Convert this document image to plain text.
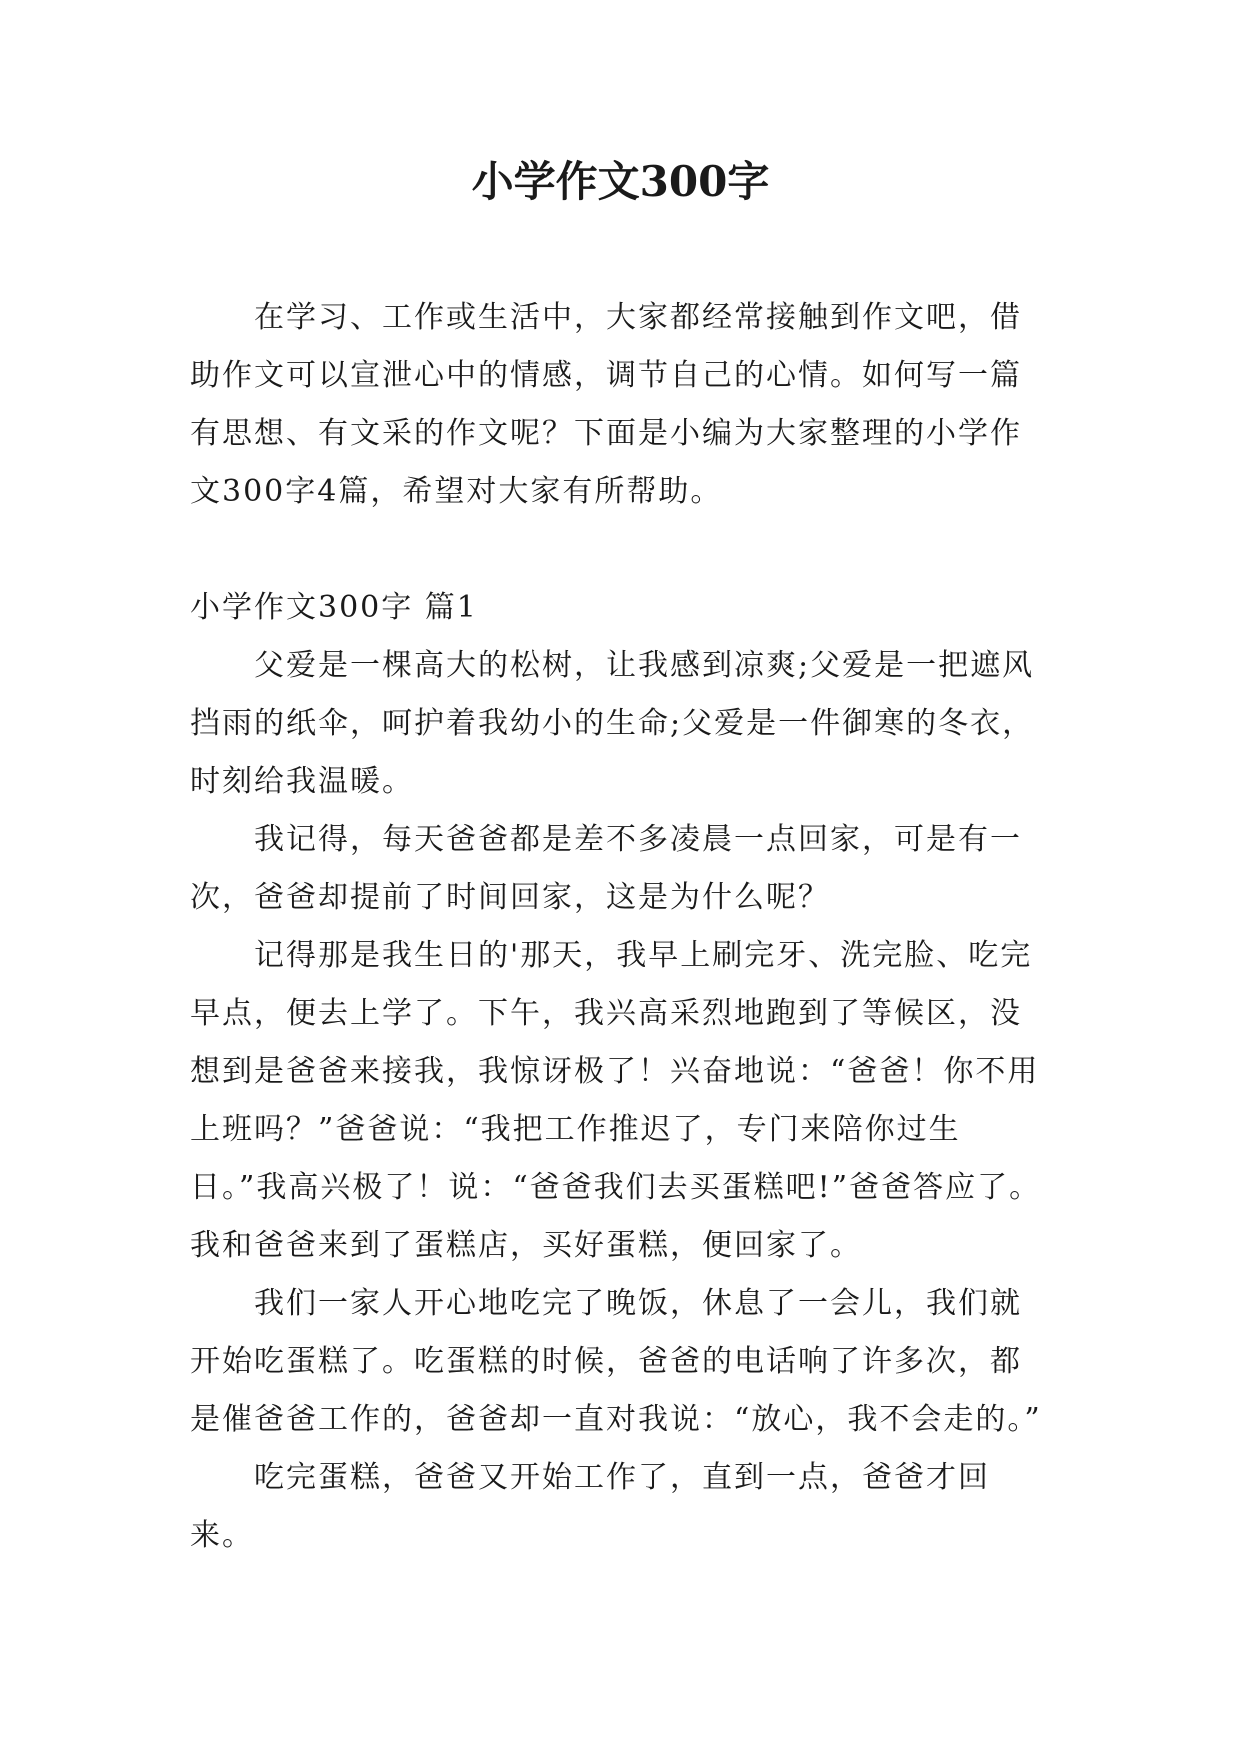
小学作文300字

在学习、工作或生活中，大家都经常接触到作文吧，借助作文可以宣泄心中的情感，调节自己的心情。如何写一篇有思想、有文采的作文呢？下面是小编为大家整理的小学作文300字4篇，希望对大家有所帮助。

小学作文300字 篇1

父爱是一棵高大的松树，让我感到凉爽;父爱是一把遮风挡雨的纸伞，呵护着我幼小的生命;父爱是一件御寒的冬衣，时刻给我温暖。

我记得，每天爸爸都是差不多凌晨一点回家，可是有一次，爸爸却提前了时间回家，这是为什么呢？

记得那是我生日的'那天，我早上刷完牙、洗完脸、吃完早点，便去上学了。下午，我兴高采烈地跑到了等候区，没想到是爸爸来接我，我惊讶极了！兴奋地说：“爸爸！你不用上班吗？”爸爸说：“我把工作推迟了，专门来陪你过生日。”我高兴极了！说：“爸爸我们去买蛋糕吧!”爸爸答应了。我和爸爸来到了蛋糕店，买好蛋糕，便回家了。

我们一家人开心地吃完了晚饭，休息了一会儿，我们就开始吃蛋糕了。吃蛋糕的时候，爸爸的电话响了许多次，都是催爸爸工作的，爸爸却一直对我说：“放心，我不会走的。”

吃完蛋糕，爸爸又开始工作了，直到一点，爸爸才回来。
